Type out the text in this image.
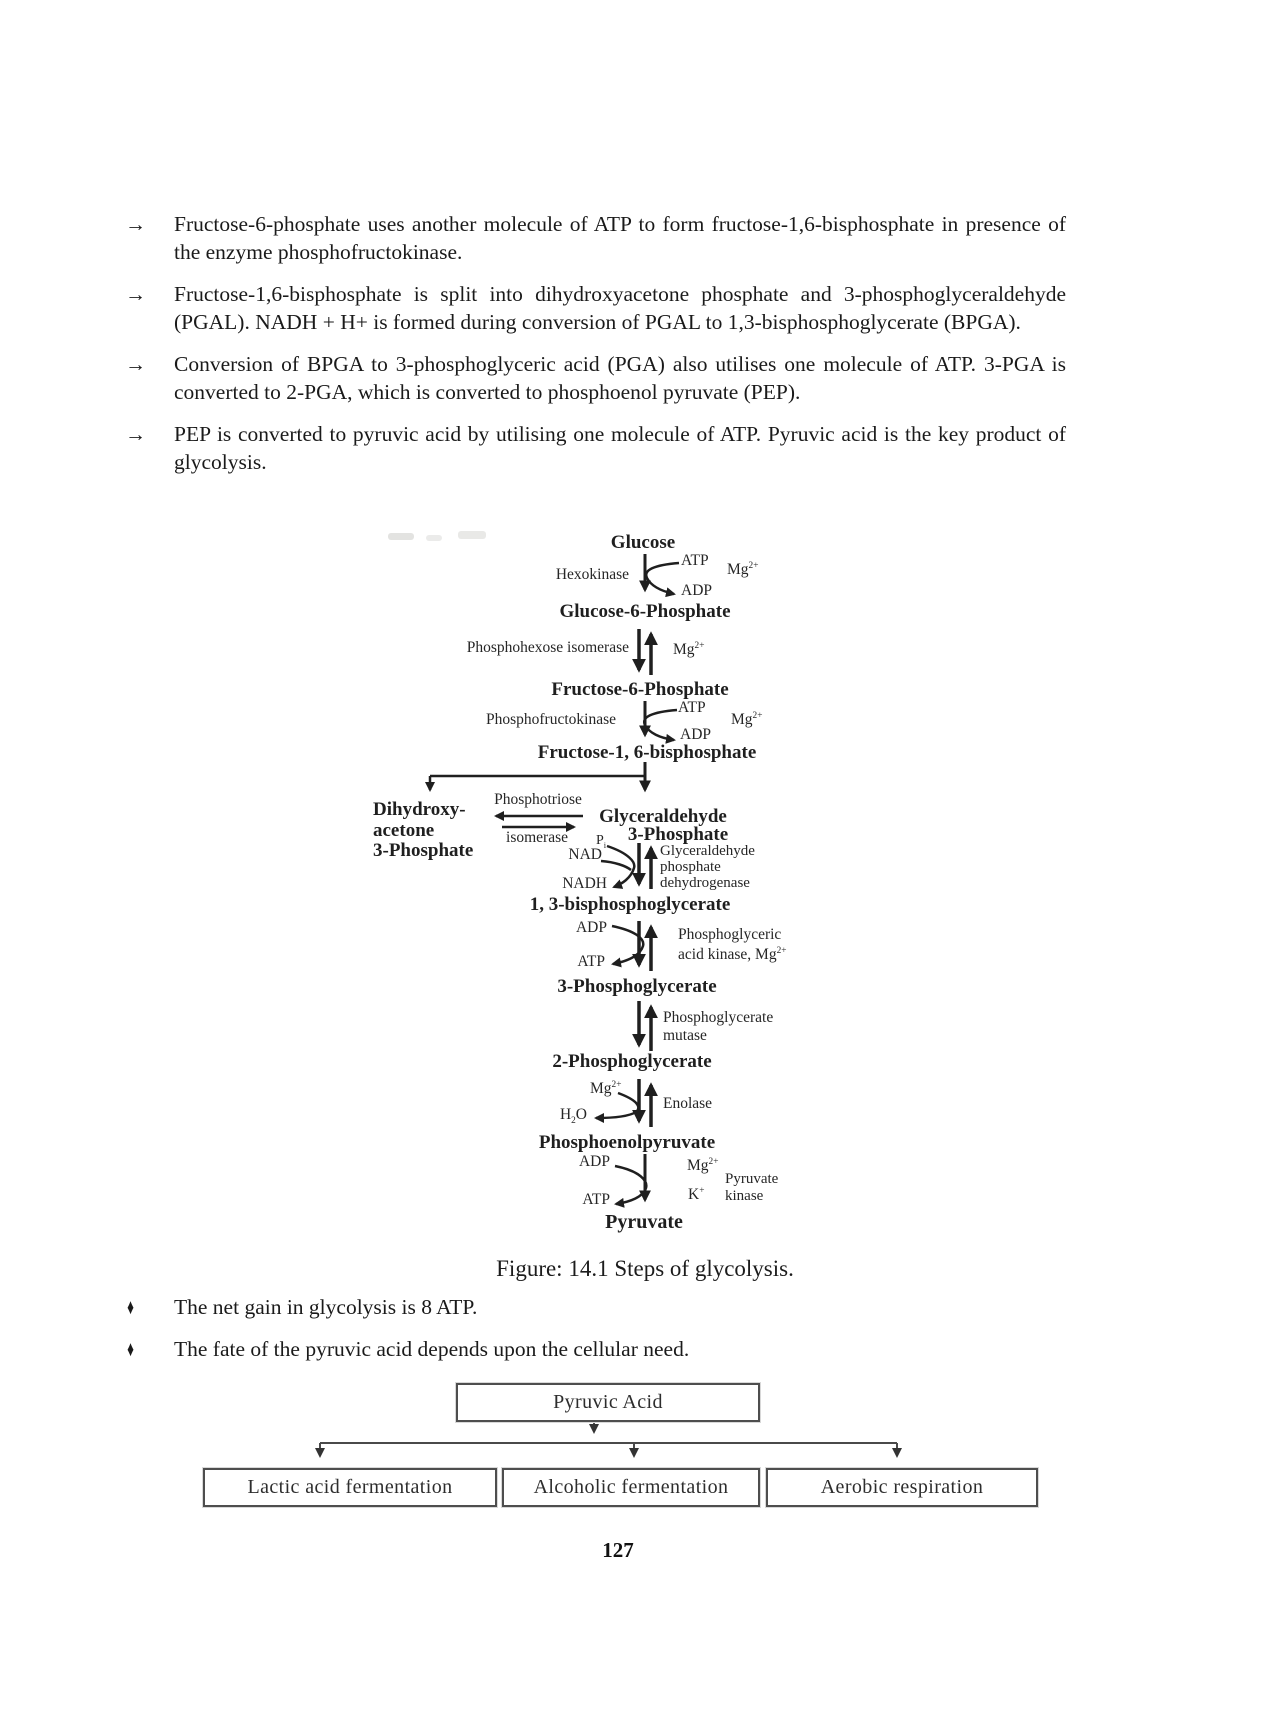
→	Fructose-6-phosphate uses another molecule of ATP to form fructose-1,6-bisphosphate in presence of the enzyme phosphofructokinase.
→	Fructose-1,6-bisphosphate is split into dihydroxyacetone phosphate and 3-phosphoglyceraldehyde (PGAL). NADH + H+ is formed during conversion of PGAL to 1,3-bisphosphoglycerate (BPGA).
→	Conversion of BPGA to 3-phosphoglyceric acid (PGA) also utilises one molecule of ATP. 3-PGA is converted to 2-PGA, which is converted to phosphoenol pyruvate (PEP).
→	PEP is converted to pyruvic acid by utilising one molecule of ATP. Pyruvic acid is the key product of glycolysis.
Glucose
Hexokinase
ATP
ADP
$Mg^{2+}$
Glucose-6-Phosphate
Phosphohexose isomerase	$Mg^{2+}$
Fructose-6-Phosphate
Phosphofructokinase
ATP
ADP
$Mg^{2+}$
Fructose-1, 6-bisphosphate
Dihydroxy-
acetone
3-Phosphate
Phosphotriose
isomerase
Glyceraldehyde
3-Phosphate
$P_i$
NAD
NADH
Glyceraldehyde
phosphate
dehydrogenase
1, 3-bisphosphoglycerate
ADP
ATP
Phosphoglyceric
acid kinase, $Mg^{2+}$
3-Phosphoglycerate
Phosphoglycerate
mutase
2-Phosphoglycerate
$Mg^{2+}$
$H_2O$
Enolase
Phosphoenolpyruvate
ADP
ATP
$Mg^{2+}$
K+
Pyruvate
kinase
Pyruvate
Figure: 14.1 Steps of glycolysis.
♦	The net gain in glycolysis is 8 ATP.
♦	The fate of the pyruvic acid depends upon the cellular need.
Pyruvic Acid
Lactic acid fermentation	Alcoholic fermentation	Aerobic respiration
127
